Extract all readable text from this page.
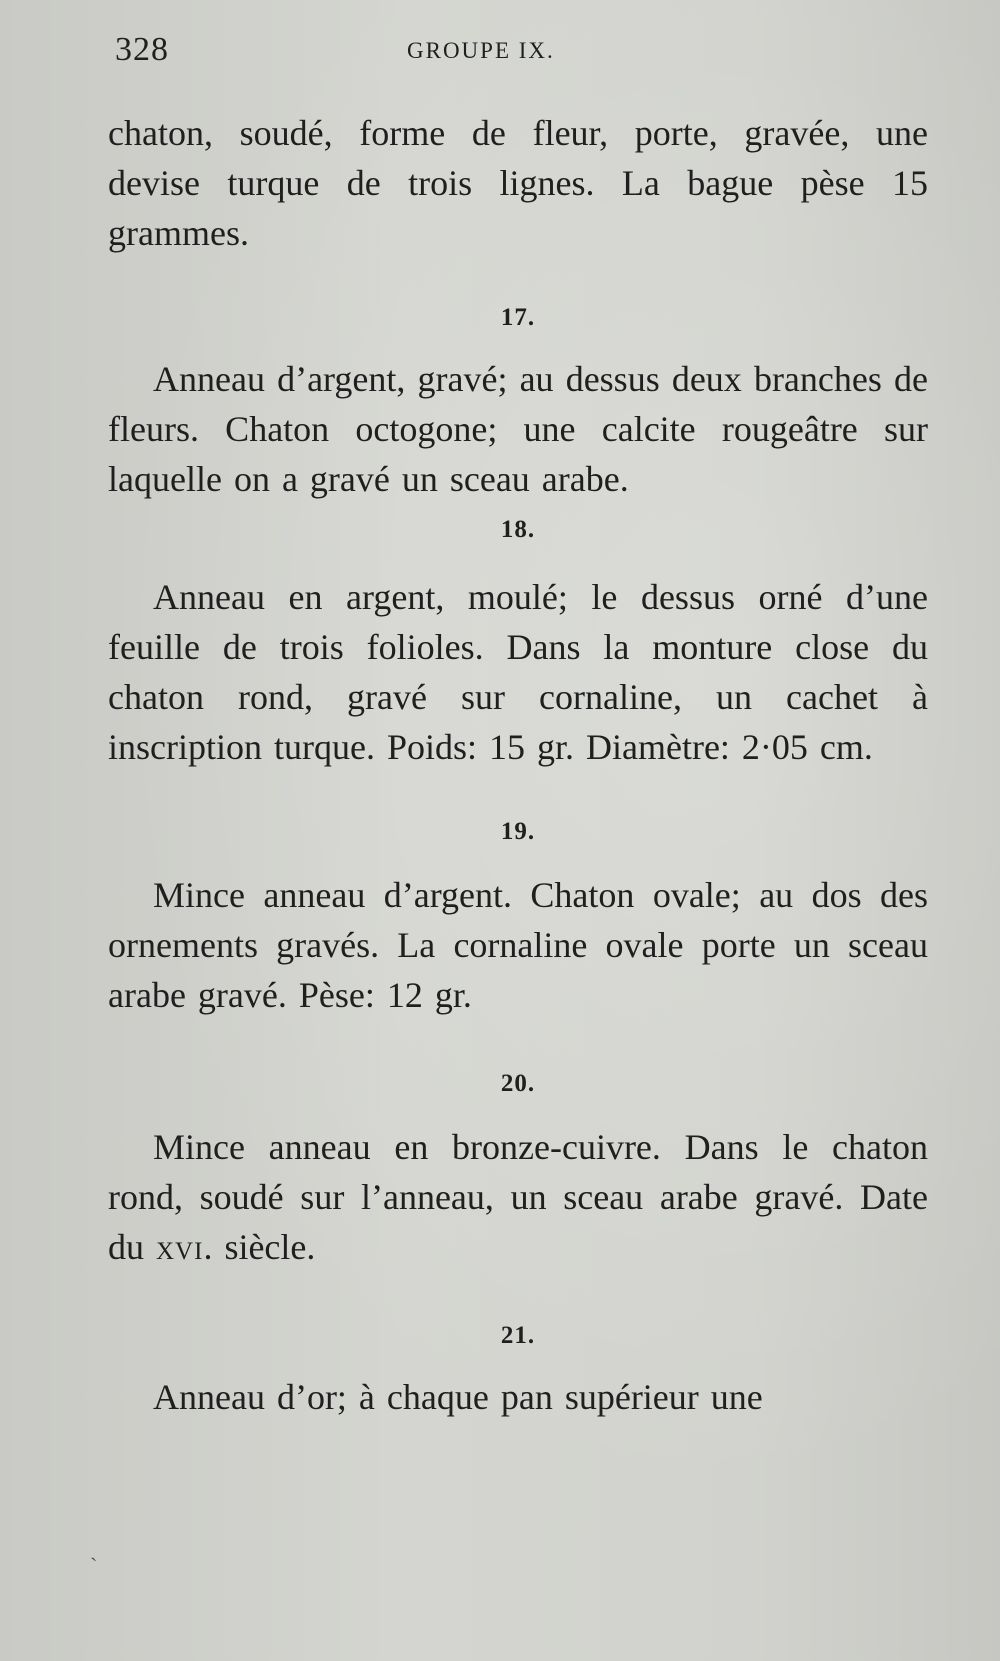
328	GROUPE IX.

chaton, soudé, forme de fleur, porte, gravée, une devise turque de trois lignes. La bague pèse 15 grammes.

17.

Anneau d’argent, gravé; au dessus deux branches de fleurs. Chaton octogone; une calcite rougeâtre sur laquelle on a gravé un sceau arabe.

18.

Anneau en argent, moulé; le dessus orné d’une feuille de trois folioles. Dans la monture close du chaton rond, gravé sur cornaline, un cachet à inscription turque. Poids: 15 gr. Diamètre: 2·05 cm.

19.

Mince anneau d’argent. Chaton ovale; au dos des ornements gravés. La cornaline ovale porte un sceau arabe gravé. Pèse: 12 gr.

20.

Mince anneau en bronze-cuivre. Dans le chaton rond, soudé sur l’anneau, un sceau arabe gravé. Date du xvi. siècle.

21.

Anneau d’or; à chaque pan supérieur une

ˎ
